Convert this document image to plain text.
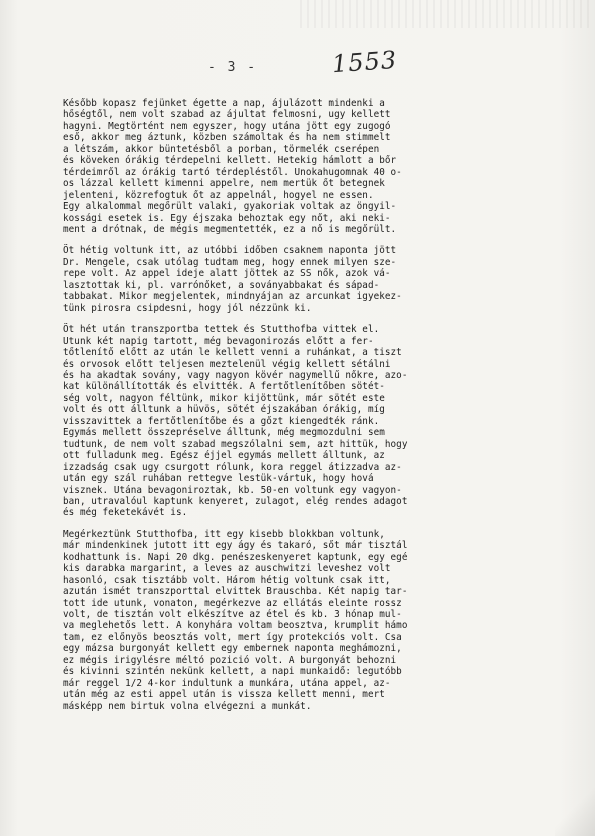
- 3 -	1553
Később kopasz fejünket égette a nap, ájulázott mindenki a
hőségtől, nem volt szabad az ájultat felmosni, ugy kellett
hagyni. Megtörtént nem egyszer, hogy utána jött egy zugogó
eső, akkor meg áztunk, közben számoltak és ha nem stimmelt
a létszám, akkor büntetésből a porban, törmelék cserépen
és köveken órákig térdepelni kellett. Hetekig hámlott a bőr
térdeimről az órákig tartó térdepléstől. Unokahugomnak 40 o-
os lázzal kellett kimenni appelre, nem mertük őt betegnek
jelenteni, közrefogtuk őt az appelnál, hogyel ne essen.
Egy alkalommal megőrült valaki, gyakoriak voltak az öngyil-
kossági esetek is. Egy éjszaka behoztak egy nőt, aki neki-
ment a drótnak, de mégis megmentették, ez a nő is megőrült.
Öt hétig voltunk itt, az utóbbi időben csaknem naponta jött
Dr. Mengele, csak utólag tudtam meg, hogy ennek milyen sze-
repe volt. Az appel ideje alatt jöttek az SS nők, azok vá-
lasztottak ki, pl. varrónőket, a soványabbakat és sápad-
tabbakat. Mikor megjelentek, mindnyájan az arcunkat igyekez-
tünk pirosra csipdesni, hogy jól nézzünk ki.
Öt hét után transzportba tettek és Stutthofba vittek el.
Utunk két napig tartott, még bevagonirozás előtt a fer-
tőtlenítő előtt az után le kellett venni a ruhánkat, a tiszt
és orvosok előtt teljesen meztelenül végig kellett sétálni
és ha akadtak sovány, vagy nagyon kövér nagymellű nőkre, azo-
kat különállították és elvitték. A fertőtlenítőben sötét-
ség volt, nagyon féltünk, mikor kijöttünk, már sötét este
volt és ott álltunk a hüvös, sötét éjszakában órákig, míg
visszavittek a fertőtlenítőbe és a gőzt kiengedték ránk.
Egymás mellett összepréselve álltunk, még megmozdulni sem
tudtunk, de nem volt szabad megszólalni sem, azt hittük, hogy
ott fulladunk meg. Egész éjjel egymás mellett álltunk, az
izzadság csak ugy csurgott rólunk, kora reggel átizzadva az-
után egy szál ruhában rettegve lestük-vártuk, hogy hová
visznek. Utána bevagoniroztak, kb. 50-en voltunk egy vagyon-
ban, utravalóul kaptunk kenyeret, zulagot, elég rendes adagot
és még feketekávét is.
Megérkeztünk Stutthofba, itt egy kisebb blokkban voltunk,
már mindenkinek jutott itt egy ágy és takaró, sőt már tisztál
kodhattunk is. Napi 20 dkg. penészeskenyeret kaptunk, egy egé
kis darabka margarint, a leves az auschwitzi leveshez volt
hasonló, csak tisztább volt. Három hétig voltunk csak itt,
azután ismét transzporttal elvittek Brauschba. Két napig tar-
tott ide utunk, vonaton, megérkezve az ellátás eleinte rossz
volt, de tisztán volt elkészítve az étel és kb. 3 hónap mul-
va meglehetős lett. A konyhára voltam beosztva, krumplit hámo
tam, ez előnyös beosztás volt, mert így protekciós volt. Csa
egy mázsa burgonyát kellett egy embernek naponta meghámozni,
ez mégis irigylésre méltó pozició volt. A burgonyát behozni
és kivinni szintén nekünk kellett, a napi munkaidő: legutóbb
már reggel 1/2 4-kor indultunk a munkára, utána appel, az-
után még az esti appel után is vissza kellett menni, mert
másképp nem birtuk volna elvégezni a munkát.
